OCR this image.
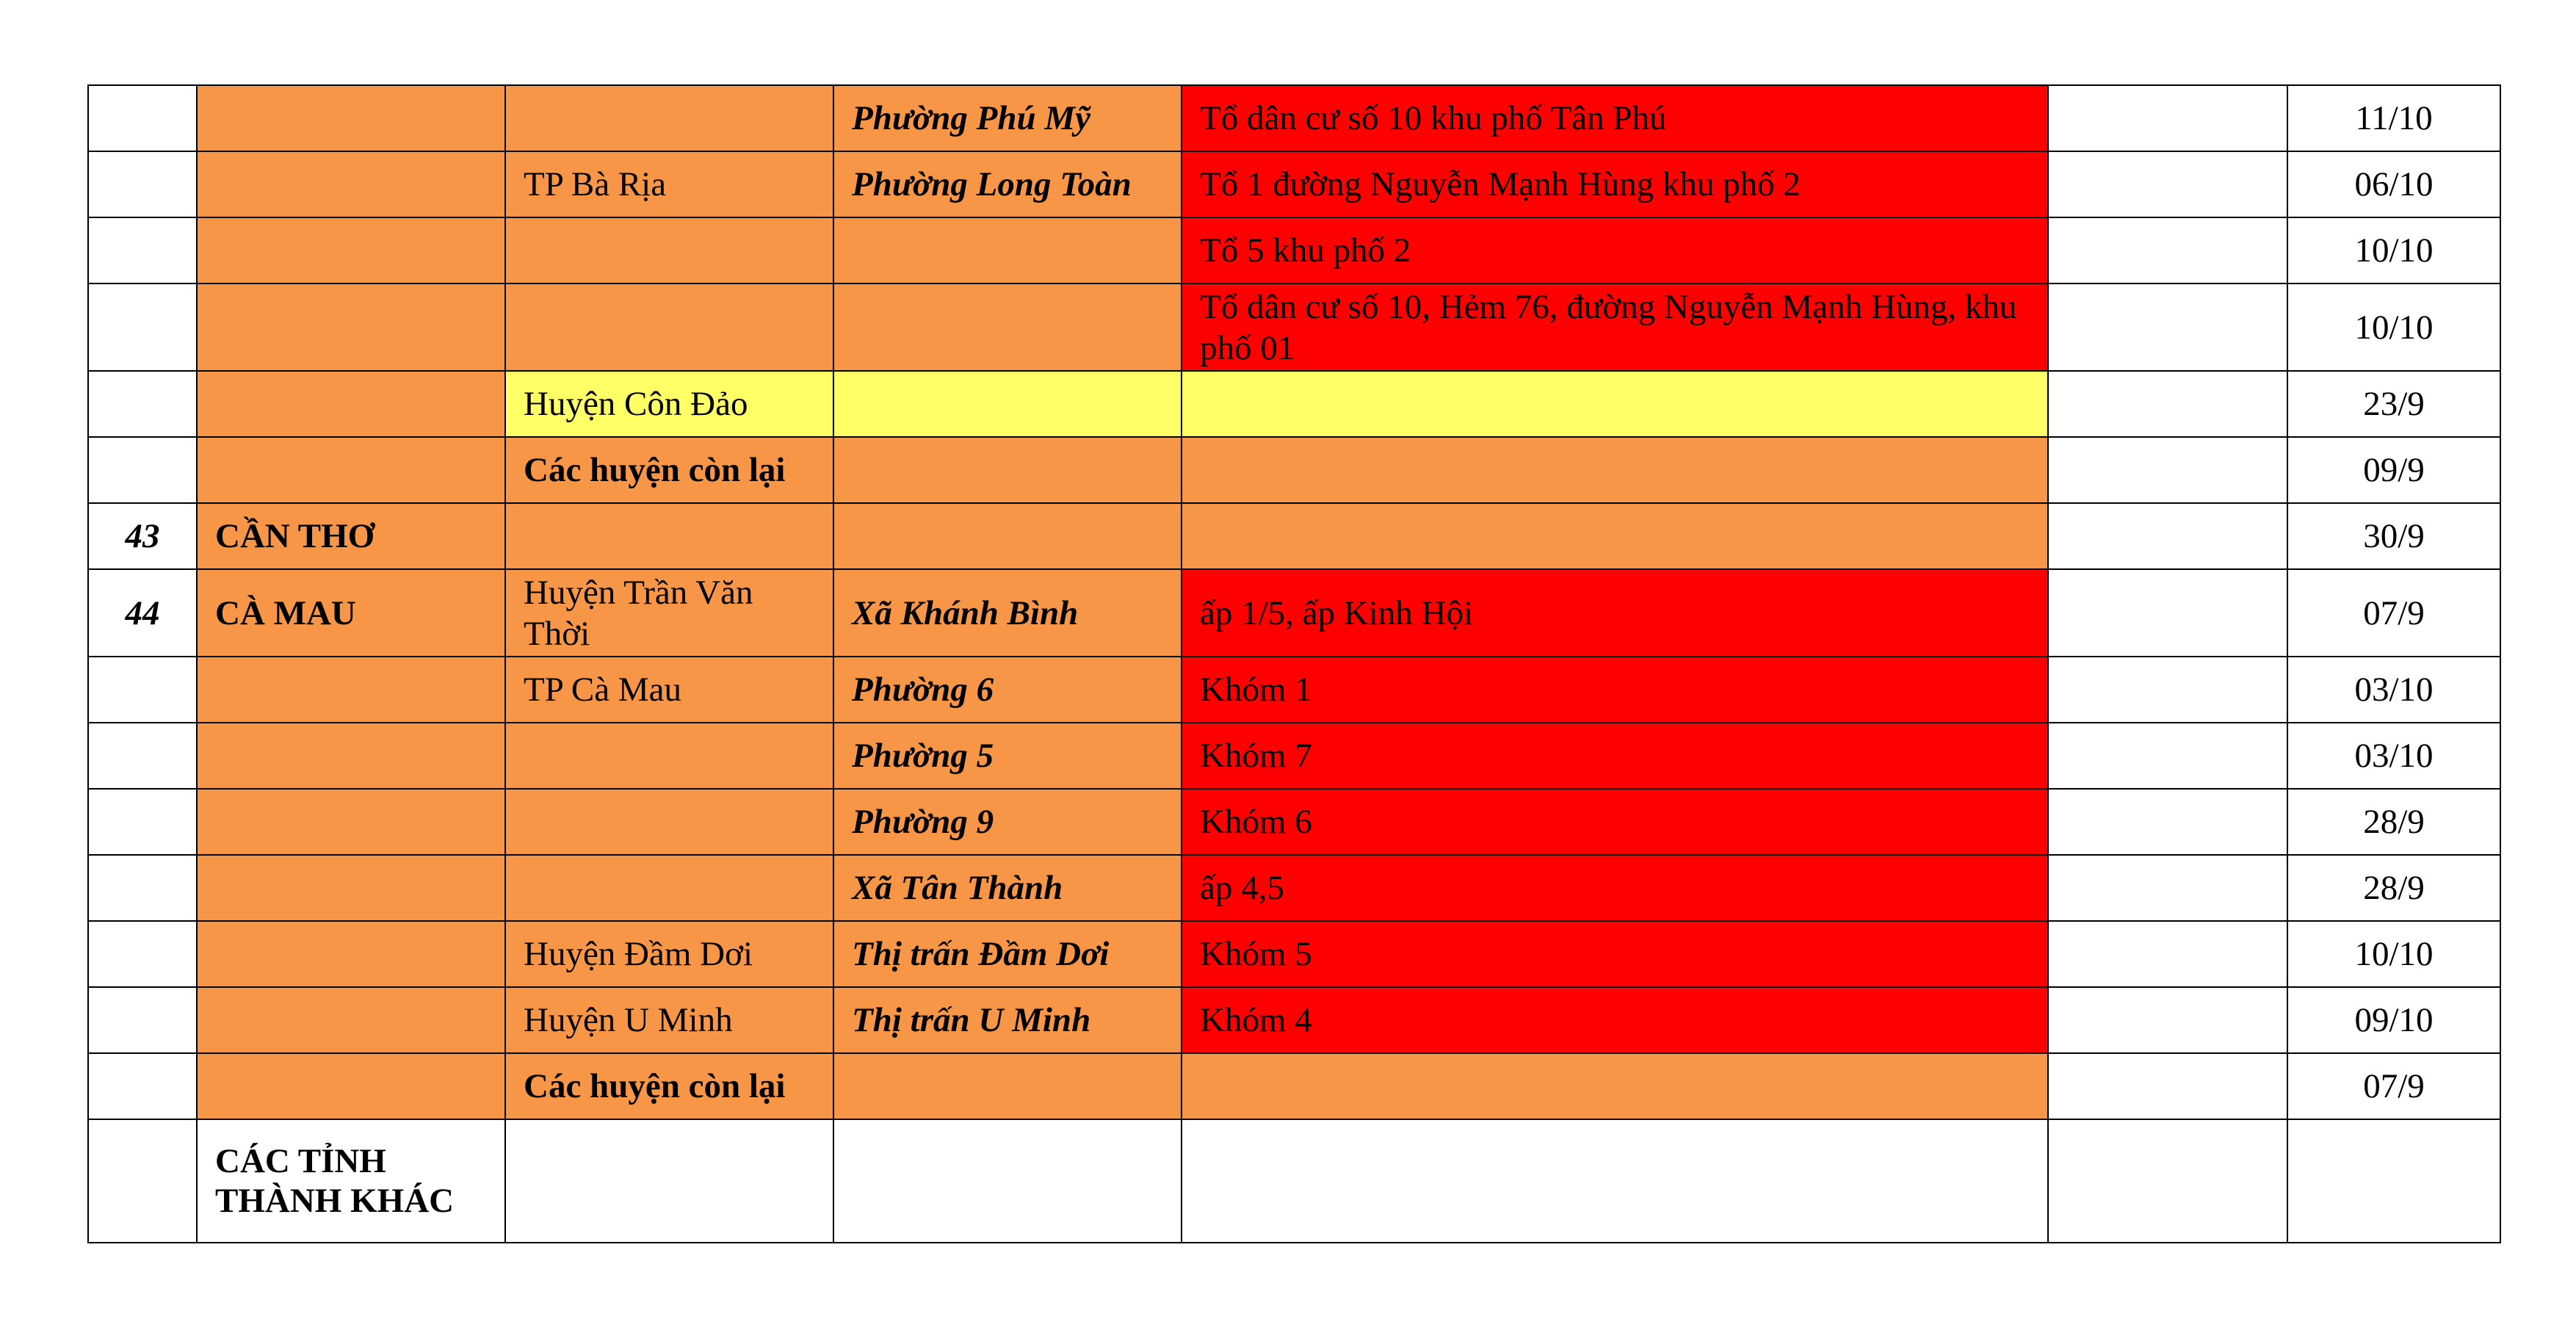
			Phường Phú Mỹ	Tổ dân cư số 10 khu phố Tân Phú		11/10
		TP Bà Rịa	Phường Long Toàn	Tổ 1 đường Nguyễn Mạnh Hùng khu phố 2		06/10
				Tổ 5 khu phố 2		10/10
				Tổ dân cư số 10, Hẻm 76, đường Nguyễn Mạnh Hùng, khu phố 01		10/10
		Huyện Côn Đảo				23/9
		Các huyện còn lại				09/9
43	CẦN THƠ					30/9
44	CÀ MAU	Huyện Trần Văn Thời	Xã Khánh Bình	ấp 1/5, ấp Kinh Hội		07/9
		TP Cà Mau	Phường 6	Khóm 1		03/10
			Phường 5	Khóm 7		03/10
			Phường 9	Khóm 6		28/9
			Xã Tân Thành	ấp 4,5		28/9
		Huyện Đầm Dơi	Thị trấn Đầm Dơi	Khóm 5		10/10
		Huyện U Minh	Thị trấn U Minh	Khóm 4		09/10
		Các huyện còn lại				07/9
	CÁC TỈNH THÀNH KHÁC					
